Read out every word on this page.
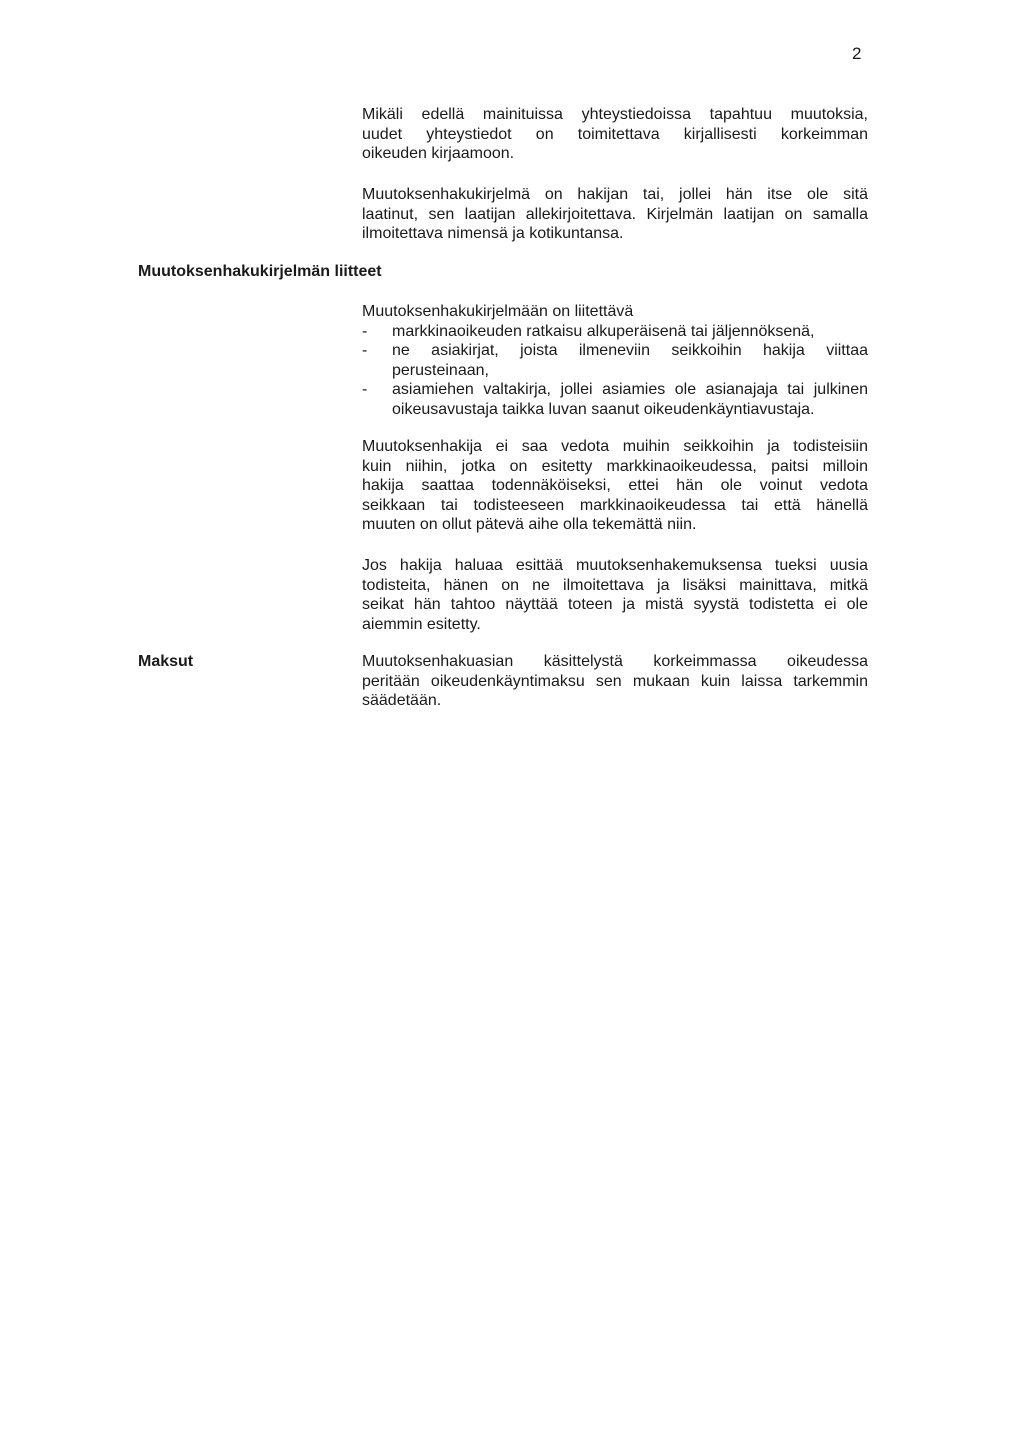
2
Mikäli edellä mainituissa yhteystiedoissa tapahtuu muutoksia,
uudet yhteystiedot on toimitettava kirjallisesti korkeimman
oikeuden kirjaamoon.
Muutoksenhakukirjelmä on hakijan tai, jollei hän itse ole sitä
laatinut, sen laatijan allekirjoitettava. Kirjelmän laatijan on samalla
ilmoitettava nimensä ja kotikuntansa.
Muutoksenhakukirjelmän liitteet
Muutoksenhakukirjelmään on liitettävä
- markkinaoikeuden ratkaisu alkuperäisenä tai jäljennöksenä,
- ne asiakirjat, joista ilmeneviin seikkoihin hakija viittaa
perusteinaan,
- asiamiehen valtakirja, jollei asiamies ole asianajaja tai julkinen
oikeusavustaja taikka luvan saanut oikeudenkäyntiavustaja.
Muutoksenhakija ei saa vedota muihin seikkoihin ja todisteisiin
kuin niihin, jotka on esitetty markkinaoikeudessa, paitsi milloin
hakija saattaa todennäköiseksi, ettei hän ole voinut vedota
seikkaan tai todisteeseen markkinaoikeudessa tai että hänellä
muuten on ollut pätevä aihe olla tekemättä niin.
Jos hakija haluaa esittää muutoksenhakemuksensa tueksi uusia
todisteita, hänen on ne ilmoitettava ja lisäksi mainittava, mitkä
seikat hän tahtoo näyttää toteen ja mistä syystä todistetta ei ole
aiemmin esitetty.
Maksut	Muutoksenhakuasian käsittelystä korkeimmassa oikeudessa
peritään oikeudenkäyntimaksu sen mukaan kuin laissa tarkemmin
säädetään.
